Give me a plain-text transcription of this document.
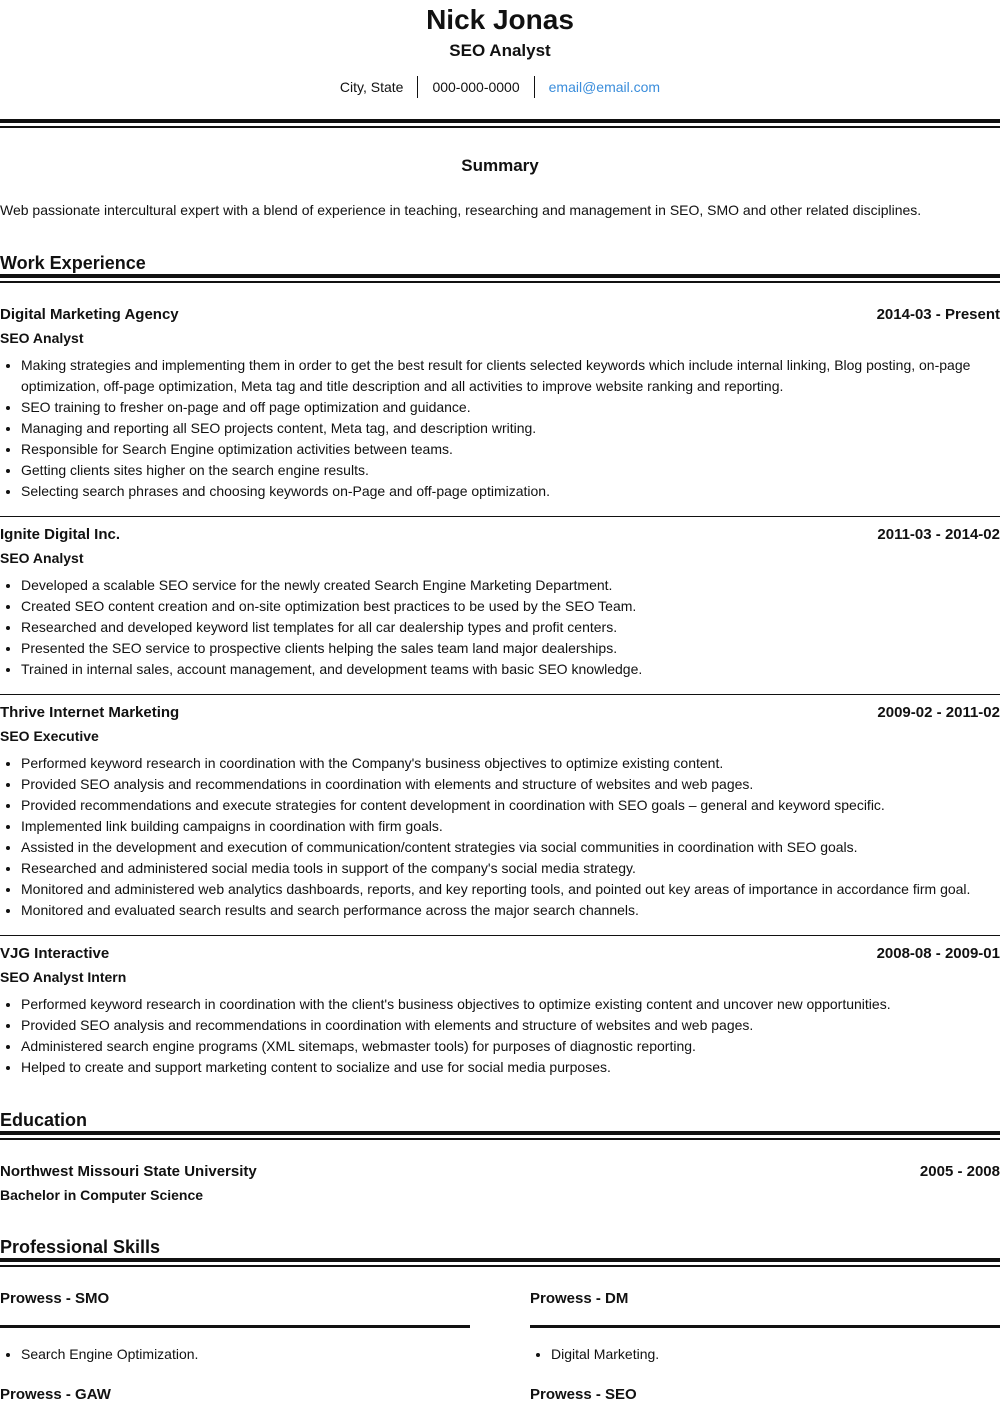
Nick Jonas
SEO Analyst
City, State	000-000-0000	email@email.com
Summary
Web passionate intercultural expert with a blend of experience in teaching, researching and management in SEO, SMO and other related disciplines.
Work Experience
Digital Marketing Agency	2014-03 - Present
SEO Analyst
• Making strategies and implementing them in order to get the best result for clients selected keywords which include internal linking, Blog posting, on-page optimization, off-page optimization, Meta tag and title description and all activities to improve website ranking and reporting.
• SEO training to fresher on-page and off page optimization and guidance.
• Managing and reporting all SEO projects content, Meta tag, and description writing.
• Responsible for Search Engine optimization activities between teams.
• Getting clients sites higher on the search engine results.
• Selecting search phrases and choosing keywords on-Page and off-page optimization.
Ignite Digital Inc.	2011-03 - 2014-02
SEO Analyst
• Developed a scalable SEO service for the newly created Search Engine Marketing Department.
• Created SEO content creation and on-site optimization best practices to be used by the SEO Team.
• Researched and developed keyword list templates for all car dealership types and profit centers.
• Presented the SEO service to prospective clients helping the sales team land major dealerships.
• Trained in internal sales, account management, and development teams with basic SEO knowledge.
Thrive Internet Marketing	2009-02 - 2011-02
SEO Executive
• Performed keyword research in coordination with the Company's business objectives to optimize existing content.
• Provided SEO analysis and recommendations in coordination with elements and structure of websites and web pages.
• Provided recommendations and execute strategies for content development in coordination with SEO goals – general and keyword specific.
• Implemented link building campaigns in coordination with firm goals.
• Assisted in the development and execution of communication/content strategies via social communities in coordination with SEO goals.
• Researched and administered social media tools in support of the company's social media strategy.
• Monitored and administered web analytics dashboards, reports, and key reporting tools, and pointed out key areas of importance in accordance firm goal.
• Monitored and evaluated search results and search performance across the major search channels.
VJG Interactive	2008-08 - 2009-01
SEO Analyst Intern
• Performed keyword research in coordination with the client's business objectives to optimize existing content and uncover new opportunities.
• Provided SEO analysis and recommendations in coordination with elements and structure of websites and web pages.
• Administered search engine programs (XML sitemaps, webmaster tools) for purposes of diagnostic reporting.
• Helped to create and support marketing content to socialize and use for social media purposes.
Education
Northwest Missouri State University	2005 - 2008
Bachelor in Computer Science
Professional Skills
Prowess - SMO
• Search Engine Optimization.
Prowess - DM
• Digital Marketing.
Prowess - GAW	Prowess - SEO
